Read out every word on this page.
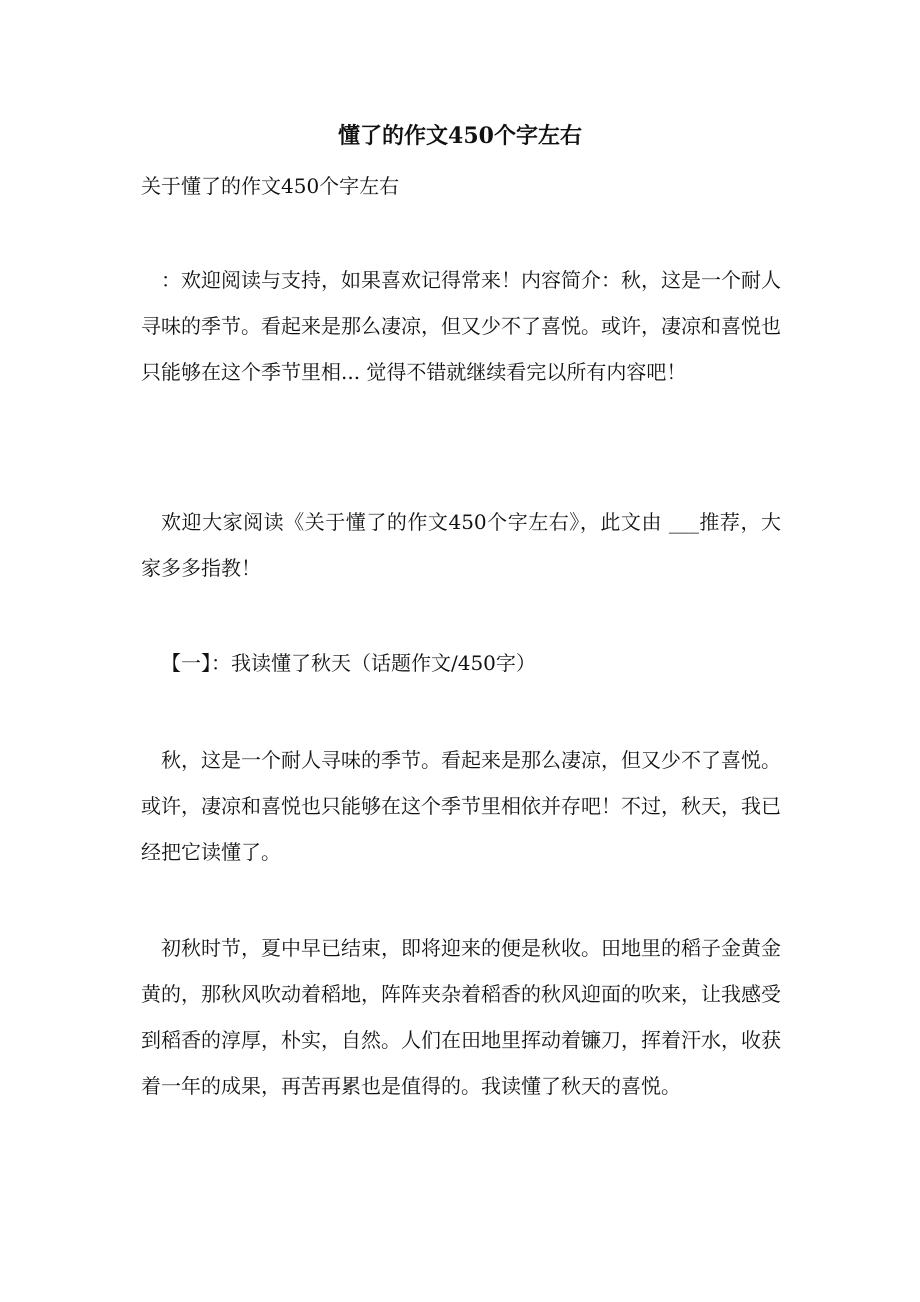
懂了的作文450个字左右
关于懂了的作文450个字左右

：欢迎阅读与支持，如果喜欢记得常来！内容简介：秋，这是一个耐人寻味的季节。看起来是那么凄凉，但又少不了喜悦。或许，凄凉和喜悦也只能够在这个季节里相... 觉得不错就继续看完以所有内容吧！

欢迎大家阅读《关于懂了的作文450个字左右》，此文由 ___推荐，大家多多指教！

【一】：我读懂了秋天（话题作文/450字）

秋，这是一个耐人寻味的季节。看起来是那么凄凉，但又少不了喜悦。或许，凄凉和喜悦也只能够在这个季节里相依并存吧！不过，秋天，我已经把它读懂了。

初秋时节，夏中早已结束，即将迎来的便是秋收。田地里的稻子金黄金黄的，那秋风吹动着稻地，阵阵夹杂着稻香的秋风迎面的吹来，让我感受到稻香的淳厚，朴实，自然。人们在田地里挥动着镰刀，挥着汗水，收获着一年的成果，再苦再累也是值得的。我读懂了秋天的喜悦。
